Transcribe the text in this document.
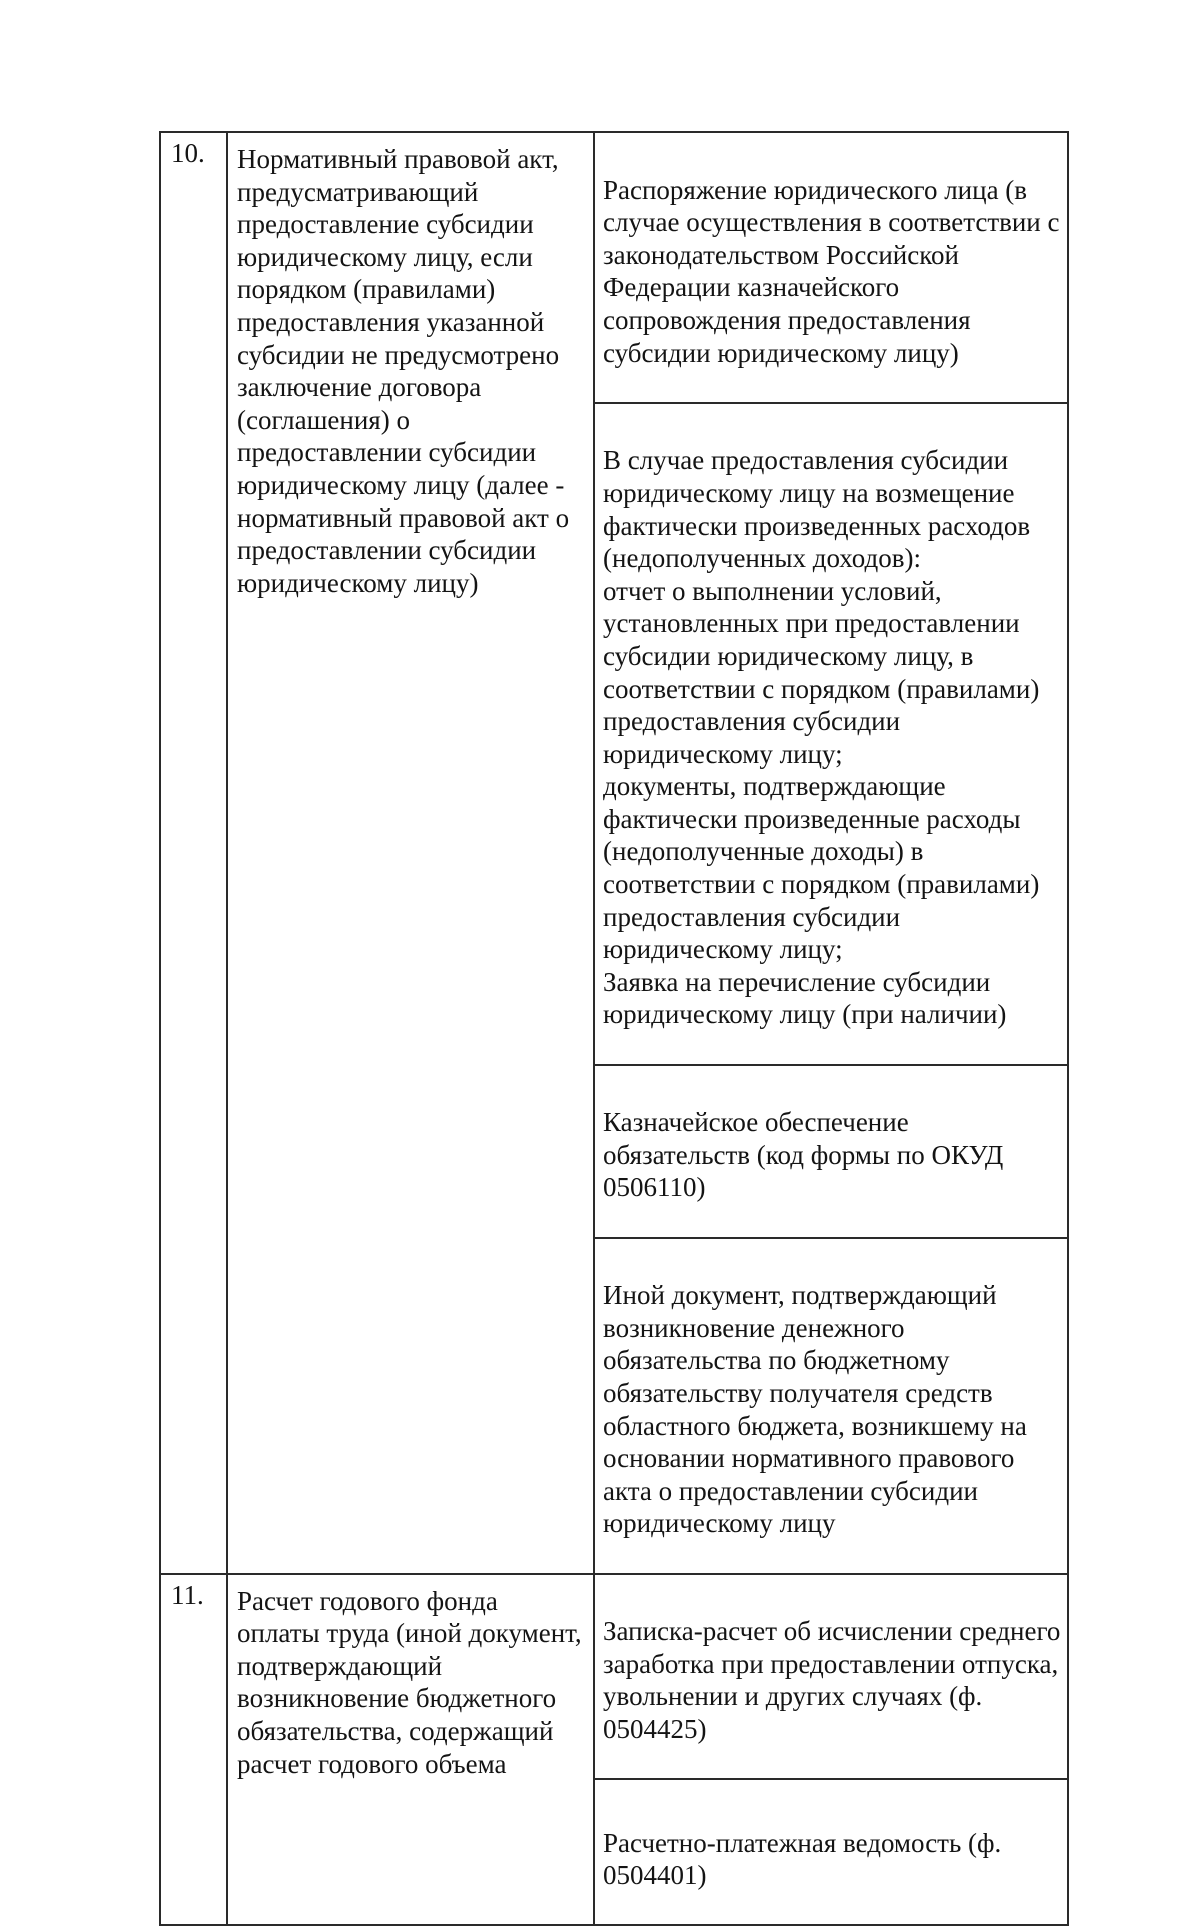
10.	Нормативный правовой акт, предусматривающий предоставление субсидии юридическому лицу, если порядком (правилами) предоставления указанной субсидии не предусмотрено заключение договора (соглашения) о предоставлении субсидии юридическому лицу (далее - нормативный правовой акт о предоставлении субсидии юридическому лицу)	Распоряжение юридического лица (в случае осуществления в соответствии с законодательством Российской Федерации казначейского сопровождения предоставления субсидии юридическому лицу)

		В случае предоставления субсидии юридическому лицу на возмещение фактически произведенных расходов (недополученных доходов):
отчет о выполнении условий, установленных при предоставлении субсидии юридическому лицу, в соответствии с порядком (правилами) предоставления субсидии юридическому лицу;
документы, подтверждающие фактически произведенные расходы (недополученные доходы) в соответствии с порядком (правилами) предоставления субсидии юридическому лицу;
Заявка на перечисление субсидии юридическому лицу (при наличии)

		Казначейское обеспечение обязательств (код формы по ОКУД 0506110)

		Иной документ, подтверждающий возникновение денежного обязательства по бюджетному обязательству получателя средств областного бюджета, возникшему на основании нормативного правового акта о предоставлении субсидии юридическому лицу

11.	Расчет годового фонда оплаты труда (иной документ, подтверждающий возникновение бюджетного обязательства, содержащий расчет годового объема	Записка-расчет об исчислении среднего заработка при предоставлении отпуска, увольнении и других случаях (ф. 0504425)

		Расчетно-платежная ведомость (ф. 0504401)
